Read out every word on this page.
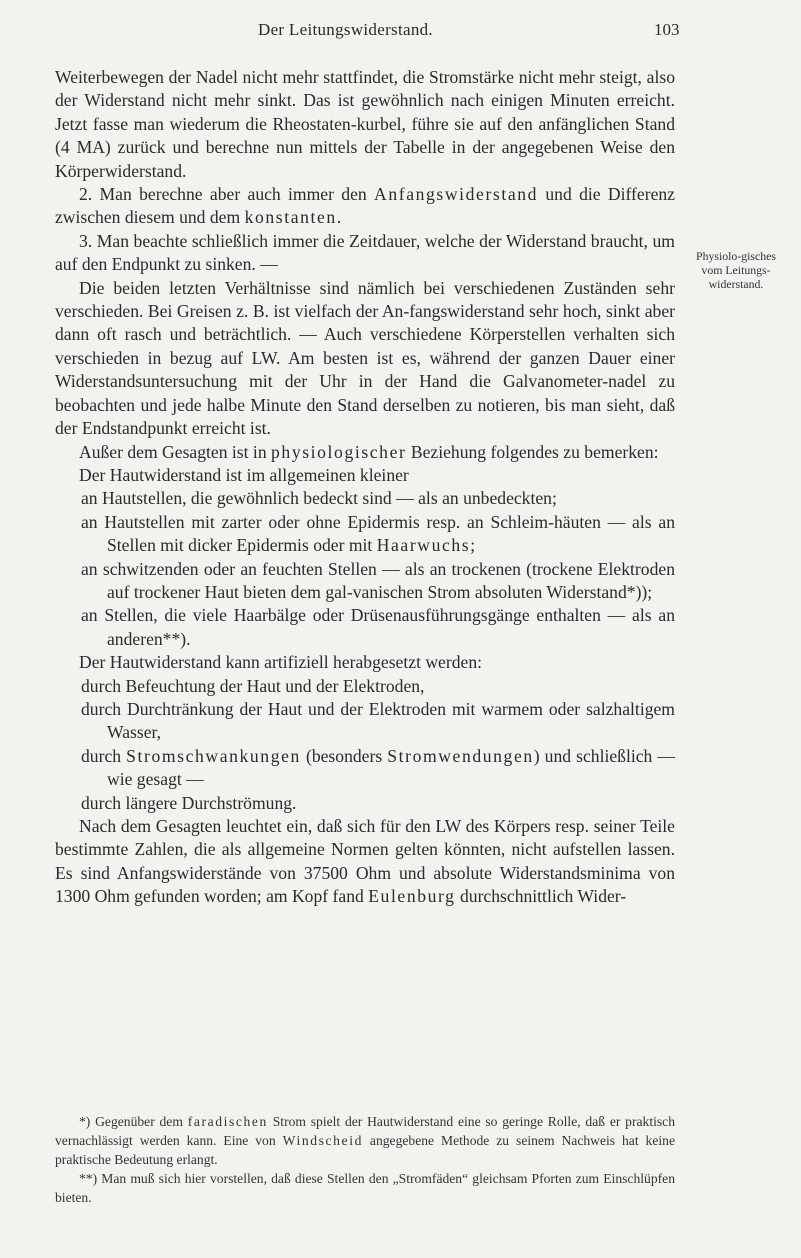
Der Leitungswiderstand.	103
Physiolo-gisches vom Leitungs-widerstand.

Weiterbewegen der Nadel nicht mehr stattfindet, die Stromstärke nicht mehr steigt, also der Widerstand nicht mehr sinkt. Das ist gewöhnlich nach einigen Minuten erreicht. Jetzt fasse man wiederum die Rheostaten-kurbel, führe sie auf den anfänglichen Stand (4 MA) zurück und berechne nun mittels der Tabelle in der angegebenen Weise den Körperwiderstand.

2. Man berechne aber auch immer den Anfangswiderstand und die Differenz zwischen diesem und dem konstanten.

3. Man beachte schließlich immer die Zeitdauer, welche der Widerstand braucht, um auf den Endpunkt zu sinken. —

Die beiden letzten Verhältnisse sind nämlich bei verschiedenen Zuständen sehr verschieden. Bei Greisen z. B. ist vielfach der An-fangswiderstand sehr hoch, sinkt aber dann oft rasch und beträchtlich. — Auch verschiedene Körperstellen verhalten sich verschieden in bezug auf LW. Am besten ist es, während der ganzen Dauer einer Widerstandsuntersuchung mit der Uhr in der Hand die Galvanometer-nadel zu beobachten und jede halbe Minute den Stand derselben zu notieren, bis man sieht, daß der Endstandpunkt erreicht ist.

Außer dem Gesagten ist in physiologischer Beziehung folgendes zu bemerken:

Der Hautwiderstand ist im allgemeinen kleiner

an Hautstellen, die gewöhnlich bedeckt sind — als an unbedeckten;

an Hautstellen mit zarter oder ohne Epidermis resp. an Schleim-häuten — als an Stellen mit dicker Epidermis oder mit Haarwuchs;

an schwitzenden oder an feuchten Stellen — als an trockenen (trockene Elektroden auf trockener Haut bieten dem gal-vanischen Strom absoluten Widerstand*));

an Stellen, die viele Haarbälge oder Drüsenausführungsgänge enthalten — als an anderen**).

Der Hautwiderstand kann artifiziell herabgesetzt werden:

durch Befeuchtung der Haut und der Elektroden,

durch Durchtränkung der Haut und der Elektroden mit warmem oder salzhaltigem Wasser,

durch Stromschwankungen (besonders Stromwendungen) und schließlich — wie gesagt —

durch längere Durchströmung.

Nach dem Gesagten leuchtet ein, daß sich für den LW des Körpers resp. seiner Teile bestimmte Zahlen, die als allgemeine Normen gelten könnten, nicht aufstellen lassen. Es sind Anfangswiderstände von 37500 Ohm und absolute Widerstandsminima von 1300 Ohm gefunden worden; am Kopf fand Eulenburg durchschnittlich Wider-

*) Gegenüber dem faradischen Strom spielt der Hautwiderstand eine so geringe Rolle, daß er praktisch vernachlässigt werden kann. Eine von Windscheid angegebene Methode zu seinem Nachweis hat keine praktische Bedeutung erlangt.

**) Man muß sich hier vorstellen, daß diese Stellen den „Stromfäden“ gleichsam Pforten zum Einschlüpfen bieten.
